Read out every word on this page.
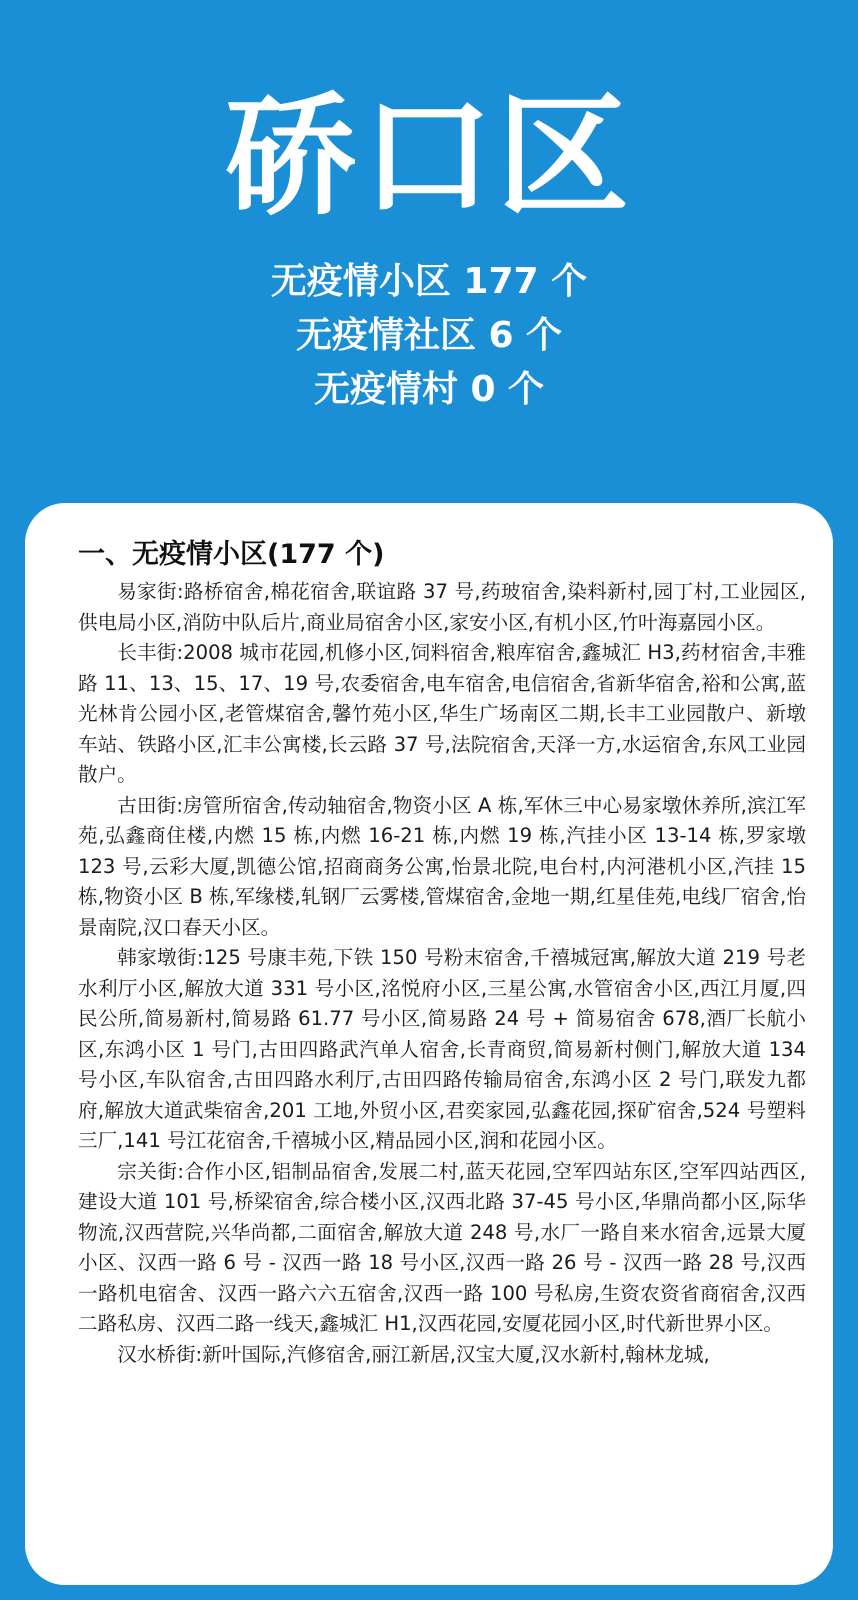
硚口区
无疫情小区 177 个
无疫情社区 6 个
无疫情村 0 个
一、无疫情小区(177 个)

易家街:路桥宿舍,棉花宿舍,联谊路 37 号,药玻宿舍,染料新村,园丁村,工业园区,供电局小区,消防中队后片,商业局宿舍小区,家安小区,有机小区,竹叶海嘉园小区。

长丰街:2008 城市花园,机修小区,饲料宿舍,粮库宿舍,鑫城汇 H3,药材宿舍,丰雅路 11、13、15、17、19 号,农委宿舍,电车宿舍,电信宿舍,省新华宿舍,裕和公寓,蓝光林肯公园小区,老管煤宿舍,馨竹苑小区,华生广场南区二期,长丰工业园散户、新墩车站、铁路小区,汇丰公寓楼,长云路 37 号,法院宿舍,天泽一方,水运宿舍,东风工业园散户。

古田街:房管所宿舍,传动轴宿舍,物资小区 A 栋,军休三中心易家墩休养所,滨江军苑,弘鑫商住楼,内燃 15 栋,内燃 16-21 栋,内燃 19 栋,汽挂小区 13-14 栋,罗家墩 123 号,云彩大厦,凯德公馆,招商商务公寓,怡景北院,电台村,内河港机小区,汽挂 15 栋,物资小区 B 栋,军缘楼,轧钢厂云雾楼,管煤宿舍,金地一期,红星佳苑,电线厂宿舍,怡景南院,汉口春天小区。

韩家墩街:125 号康丰苑,下铁 150 号粉末宿舍,千禧城冠寓,解放大道 219 号老水利厅小区,解放大道 331 号小区,洺悦府小区,三星公寓,水管宿舍小区,西江月厦,四民公所,简易新村,简易路 61.77 号小区,简易路 24 号 + 简易宿舍 678,酒厂长航小区,东鸿小区 1 号门,古田四路武汽单人宿舍,长青商贸,简易新村侧门,解放大道 134 号小区,车队宿舍,古田四路水利厅,古田四路传输局宿舍,东鸿小区 2 号门,联发九都府,解放大道武柴宿舍,201 工地,外贸小区,君奕家园,弘鑫花园,探矿宿舍,524 号塑料三厂,141 号江花宿舍,千禧城小区,精品园小区,润和花园小区。

宗关街:合作小区,铝制品宿舍,发展二村,蓝天花园,空军四站东区,空军四站西区,建设大道 101 号,桥梁宿舍,综合楼小区,汉西北路 37-45 号小区,华鼎尚都小区,际华物流,汉西营院,兴华尚都,二面宿舍,解放大道 248 号,水厂一路自来水宿舍,远景大厦小区、汉西一路 6 号 - 汉西一路 18 号小区,汉西一路 26 号 - 汉西一路 28 号,汉西一路机电宿舍、汉西一路六六五宿舍,汉西一路 100 号私房,生资农资省商宿舍,汉西二路私房、汉西二路一线天,鑫城汇 H1,汉西花园,安厦花园小区,时代新世界小区。

汉水桥街:新叶国际,汽修宿舍,丽江新居,汉宝大厦,汉水新村,翰林龙城,
